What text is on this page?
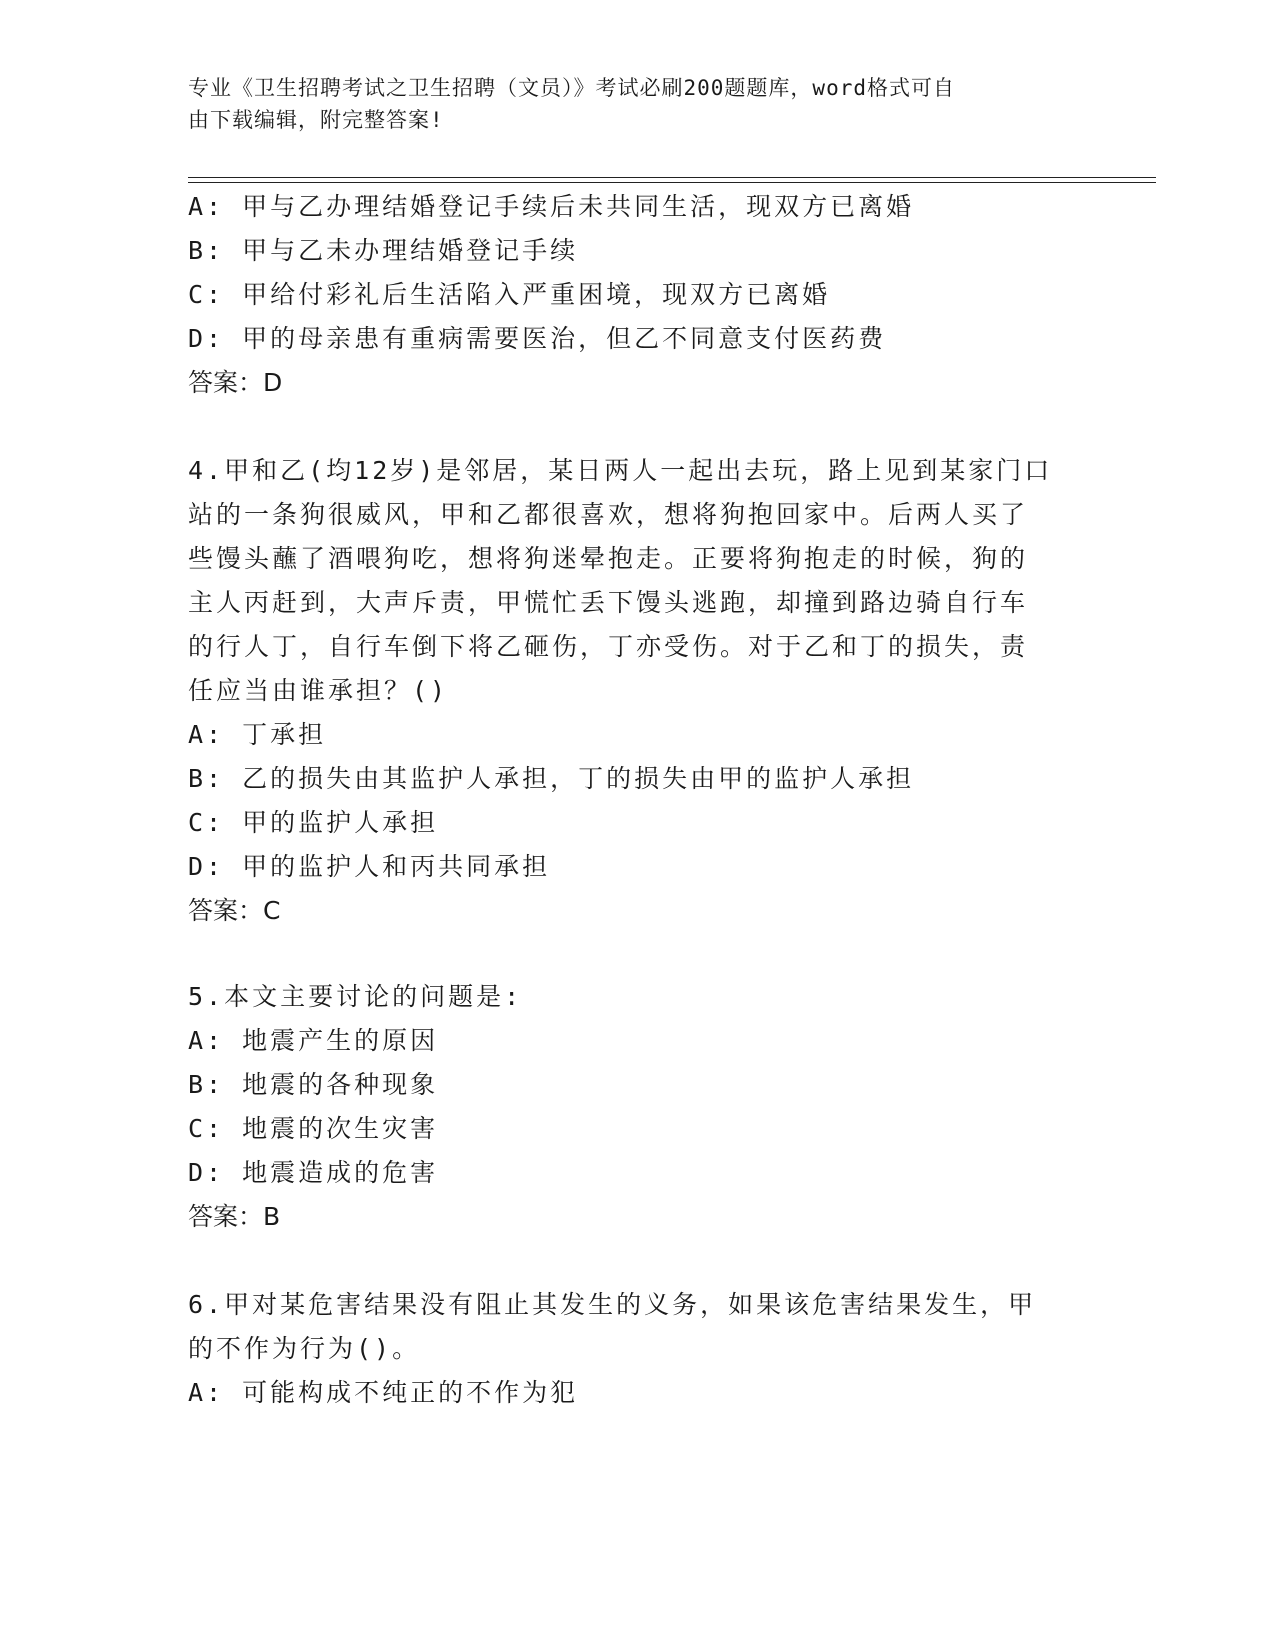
专业《卫生招聘考试之卫生招聘（文员）》考试必刷200题题库，word格式可自
由下载编辑，附完整答案!
A: 甲与乙办理结婚登记手续后未共同生活，现双方已离婚
B: 甲与乙未办理结婚登记手续
C: 甲给付彩礼后生活陷入严重困境，现双方已离婚
D: 甲的母亲患有重病需要医治，但乙不同意支付医药费
答案：D
4.甲和乙(均12岁)是邻居，某日两人一起出去玩，路上见到某家门口
站的一条狗很威风，甲和乙都很喜欢，想将狗抱回家中。后两人买了
些馒头蘸了酒喂狗吃，想将狗迷晕抱走。正要将狗抱走的时候，狗的
主人丙赶到，大声斥责，甲慌忙丢下馒头逃跑，却撞到路边骑自行车
的行人丁，自行车倒下将乙砸伤，丁亦受伤。对于乙和丁的损失，责
任应当由谁承担？()
A: 丁承担
B: 乙的损失由其监护人承担，丁的损失由甲的监护人承担
C: 甲的监护人承担
D: 甲的监护人和丙共同承担
答案：C
5.本文主要讨论的问题是:
A: 地震产生的原因
B: 地震的各种现象
C: 地震的次生灾害
D: 地震造成的危害
答案：B
6.甲对某危害结果没有阻止其发生的义务，如果该危害结果发生，甲
的不作为行为()。
A: 可能构成不纯正的不作为犯
